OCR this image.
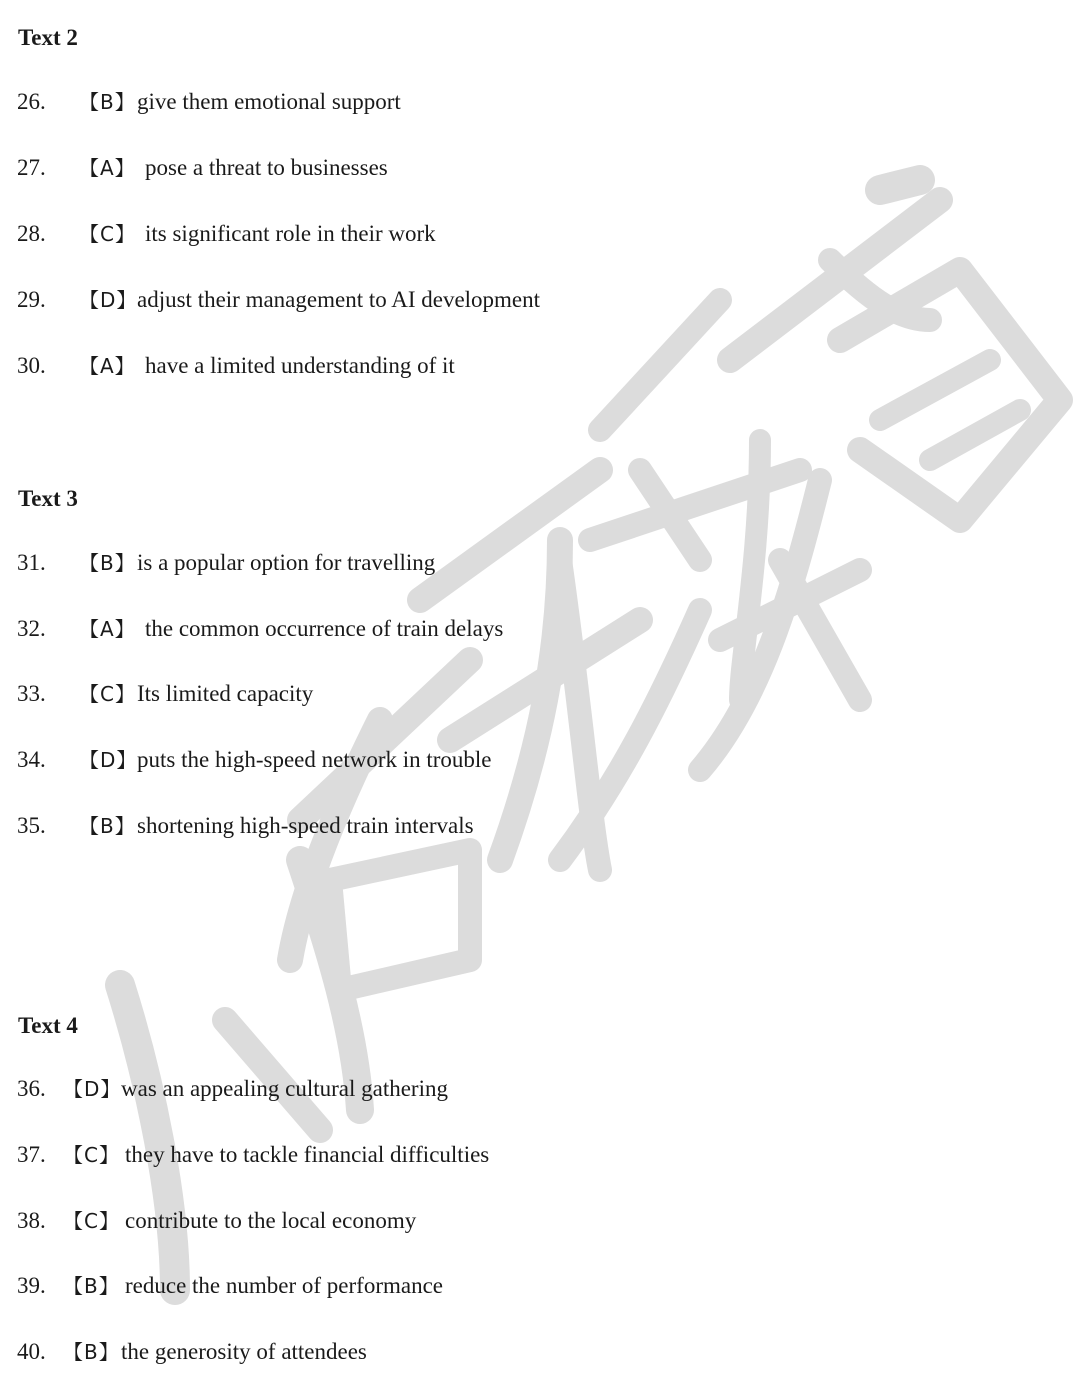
Text 2
26.	【B】 give them emotional support
27.	【A】 pose a threat to businesses
28.	【C】 its significant role in their work
29.	【D】 adjust their management to AI development
30.	【A】 have a limited understanding of it
Text 3
31.	【B】 is a popular option for travelling
32.	【A】 the common occurrence of train delays
33.	【C】 Its limited capacity
34.	【D】 puts the high-speed network in trouble
35.	【B】 shortening high-speed train intervals
Text 4
36. 【D】 was an appealing cultural gathering
37. 【C】 they have to tackle financial difficulties
38. 【C】 contribute to the local economy
39. 【B】 reduce the number of performance
40. 【B】 the generosity of attendees
